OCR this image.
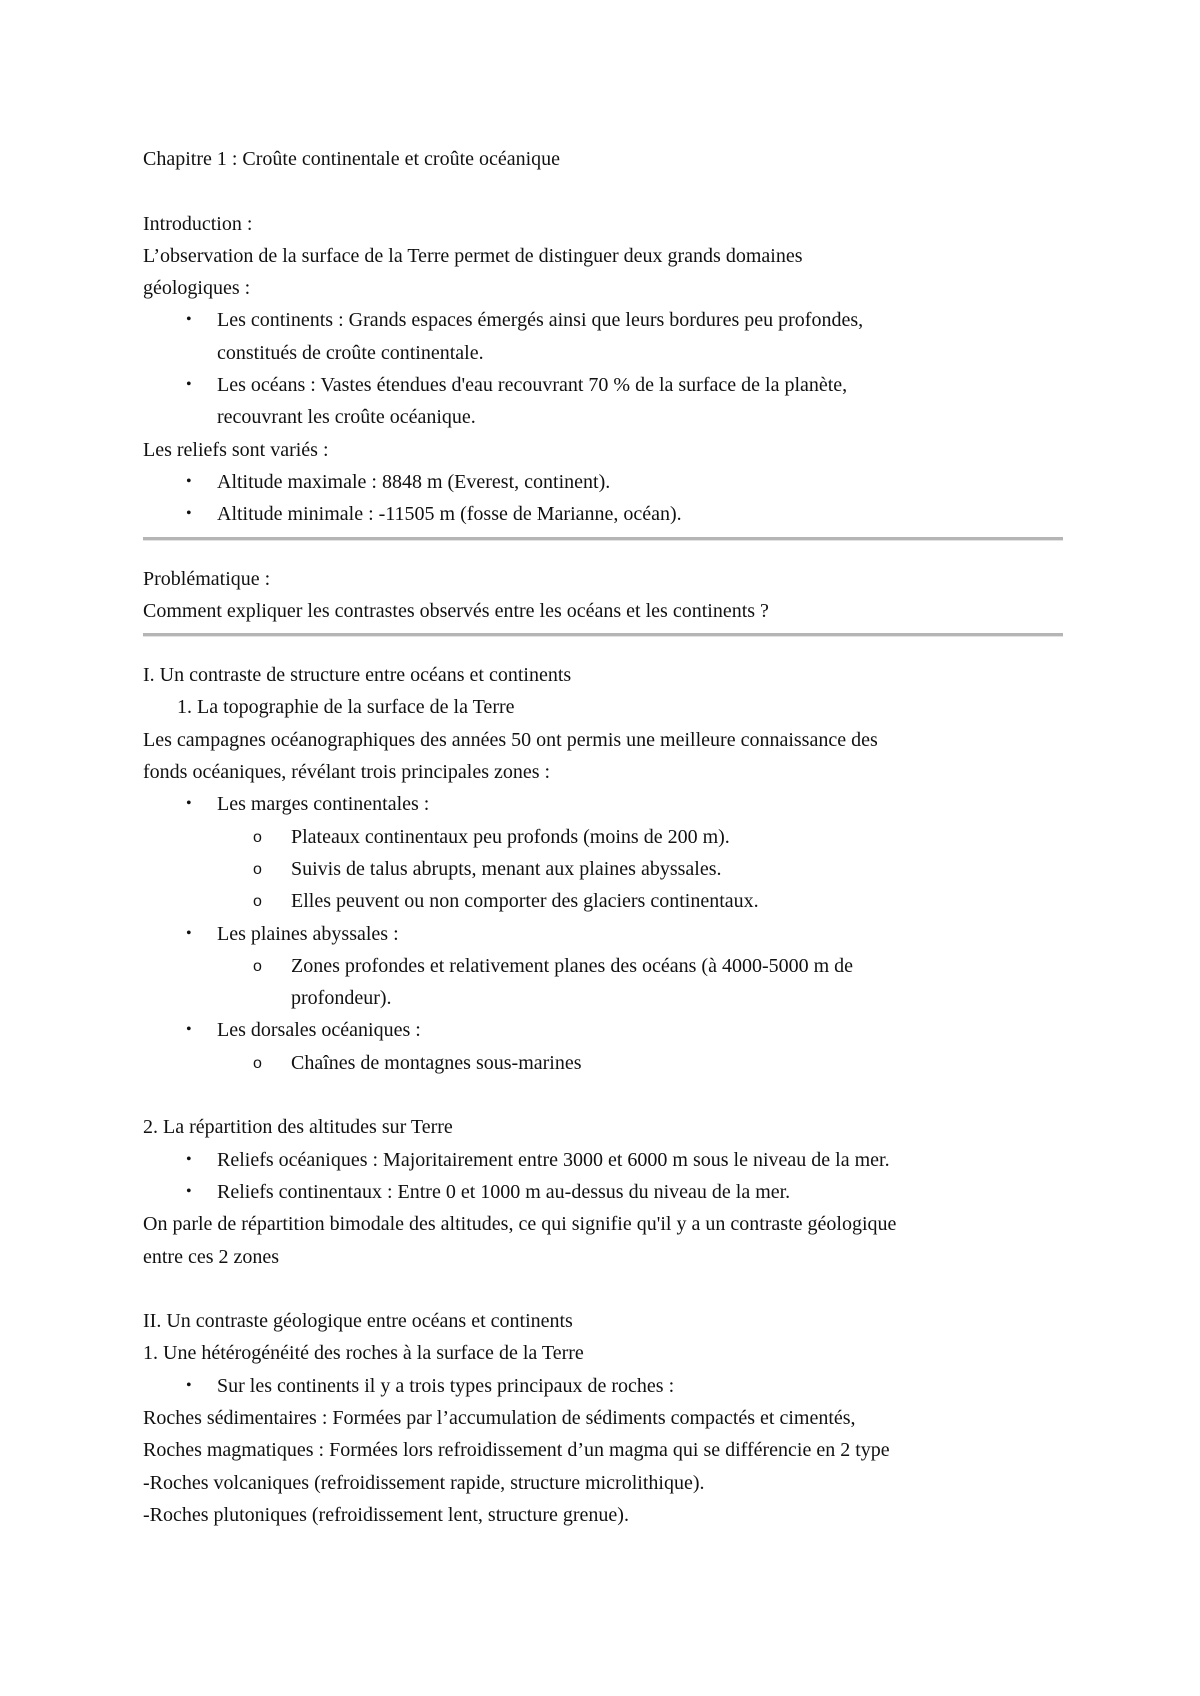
Chapitre 1 : Croûte continentale et croûte océanique
Introduction :
L’observation de la surface de la Terre permet de distinguer deux grands domaines
géologiques :
• Les continents : Grands espaces émergés ainsi que leurs bordures peu profondes,
constitués de croûte continentale.
• Les océans : Vastes étendues d'eau recouvrant 70 % de la surface de la planète,
recouvrant les croûte océanique.
Les reliefs sont variés :
• Altitude maximale : 8848 m (Everest, continent).
• Altitude minimale : -11505 m (fosse de Marianne, océan).
Problématique :
Comment expliquer les contrastes observés entre les océans et les continents ?
I. Un contraste de structure entre océans et continents
1. La topographie de la surface de la Terre
Les campagnes océanographiques des années 50 ont permis une meilleure connaissance des
fonds océaniques, révélant trois principales zones :
• Les marges continentales :
o Plateaux continentaux peu profonds (moins de 200 m).
o Suivis de talus abrupts, menant aux plaines abyssales.
o Elles peuvent ou non comporter des glaciers continentaux.
• Les plaines abyssales :
o Zones profondes et relativement planes des océans (à 4000-5000 m de
profondeur).
• Les dorsales océaniques :
o Chaînes de montagnes sous-marines
2. La répartition des altitudes sur Terre
• Reliefs océaniques : Majoritairement entre 3000 et 6000 m sous le niveau de la mer.
• Reliefs continentaux : Entre 0 et 1000 m au-dessus du niveau de la mer.
On parle de répartition bimodale des altitudes, ce qui signifie qu'il y a un contraste géologique
entre ces 2 zones
II. Un contraste géologique entre océans et continents
1. Une hétérogénéité des roches à la surface de la Terre
• Sur les continents il y a trois types principaux de roches :
Roches sédimentaires : Formées par l’accumulation de sédiments compactés et cimentés,
Roches magmatiques : Formées lors refroidissement d’un magma qui se différencie en 2 type
-Roches volcaniques (refroidissement rapide, structure microlithique).
-Roches plutoniques (refroidissement lent, structure grenue).
